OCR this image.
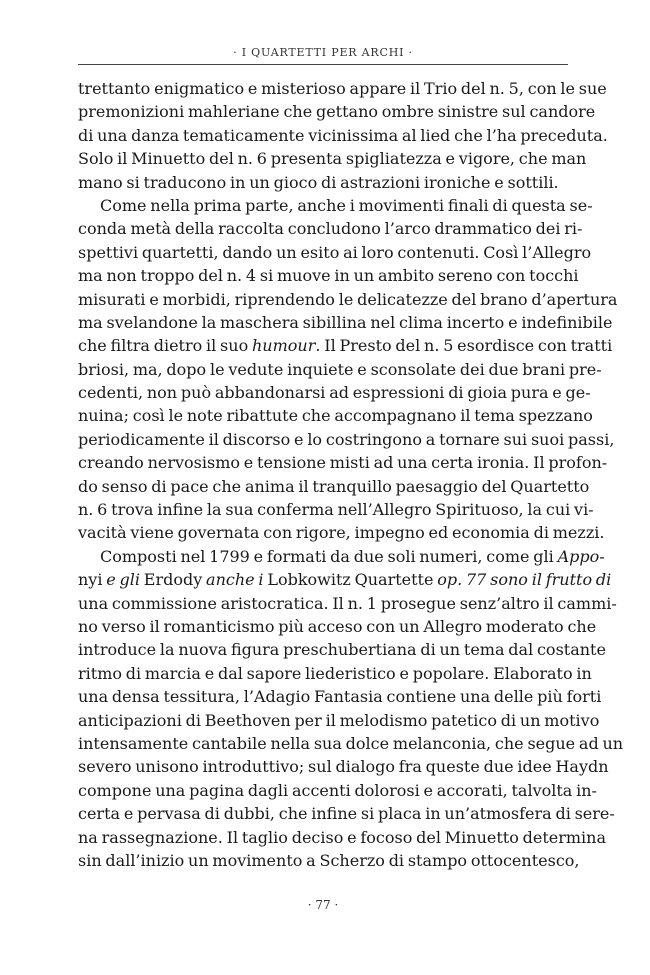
· I QUARTETTI PER ARCHI ·
trettanto enigmatico e misterioso appare il Trio del n. 5, con le sue
premonizioni mahleriane che gettano ombre sinistre sul candore
di una danza tematicamente vicinissima al lied che l’ha preceduta.
Solo il Minuetto del n. 6 presenta spigliatezza e vigore, che man
mano si traducono in un gioco di astrazioni ironiche e sottili.
Come nella prima parte, anche i movimenti finali di questa se-
conda metà della raccolta concludono l’arco drammatico dei ri-
spettivi quartetti, dando un esito ai loro contenuti. Così l’Allegro
ma non troppo del n. 4 si muove in un ambito sereno con tocchi
misurati e morbidi, riprendendo le delicatezze del brano d’apertura
ma svelandone la maschera sibillina nel clima incerto e indefinibile
che filtra dietro il suo humour. Il Presto del n. 5 esordisce con tratti
briosi, ma, dopo le vedute inquiete e sconsolate dei due brani pre-
cedenti, non può abbandonarsi ad espressioni di gioia pura e ge-
nuina; così le note ribattute che accompagnano il tema spezzano
periodicamente il discorso e lo costringono a tornare sui suoi passi,
creando nervosismo e tensione misti ad una certa ironia. Il profon-
do senso di pace che anima il tranquillo paesaggio del Quartetto
n. 6 trova infine la sua conferma nell’Allegro Spirituoso, la cui vi-
vacità viene governata con rigore, impegno ed economia di mezzi.
Composti nel 1799 e formati da due soli numeri, come gli Appo-
nyi e gli Erdody anche i Lobkowitz Quartette op. 77 sono il frutto di
una commissione aristocratica. Il n. 1 prosegue senz’altro il cammi-
no verso il romanticismo più acceso con un Allegro moderato che
introduce la nuova figura preschubertiana di un tema dal costante
ritmo di marcia e dal sapore liederistico e popolare. Elaborato in
una densa tessitura, l’Adagio Fantasia contiene una delle più forti
anticipazioni di Beethoven per il melodismo patetico di un motivo
intensamente cantabile nella sua dolce melanconia, che segue ad un
severo unisono introduttivo; sul dialogo fra queste due idee Haydn
compone una pagina dagli accenti dolorosi e accorati, talvolta in-
certa e pervasa di dubbi, che infine si placa in un’atmosfera di sere-
na rassegnazione. Il taglio deciso e focoso del Minuetto determina
sin dall’inizio un movimento a Scherzo di stampo ottocentesco,
· 77 ·
